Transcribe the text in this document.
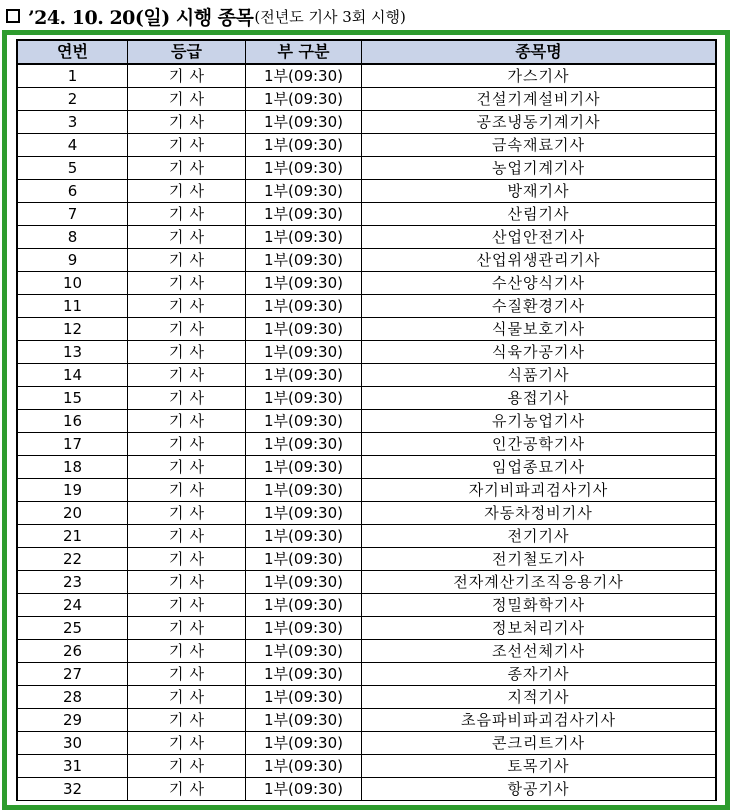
’24. 10. 20(일) 시행 종목 (전년도 기사 3회 시행)
연번	등급	부 구분	종목명
1	기사	1부(09:30)	가스기사
2	기사	1부(09:30)	건설기계설비기사
3	기사	1부(09:30)	공조냉동기계기사
4	기사	1부(09:30)	금속재료기사
5	기사	1부(09:30)	농업기계기사
6	기사	1부(09:30)	방재기사
7	기사	1부(09:30)	산림기사
8	기사	1부(09:30)	산업안전기사
9	기사	1부(09:30)	산업위생관리기사
10	기사	1부(09:30)	수산양식기사
11	기사	1부(09:30)	수질환경기사
12	기사	1부(09:30)	식물보호기사
13	기사	1부(09:30)	식육가공기사
14	기사	1부(09:30)	식품기사
15	기사	1부(09:30)	용접기사
16	기사	1부(09:30)	유기농업기사
17	기사	1부(09:30)	인간공학기사
18	기사	1부(09:30)	임업종묘기사
19	기사	1부(09:30)	자기비파괴검사기사
20	기사	1부(09:30)	자동차정비기사
21	기사	1부(09:30)	전기기사
22	기사	1부(09:30)	전기철도기사
23	기사	1부(09:30)	전자계산기조직응용기사
24	기사	1부(09:30)	정밀화학기사
25	기사	1부(09:30)	정보처리기사
26	기사	1부(09:30)	조선선체기사
27	기사	1부(09:30)	종자기사
28	기사	1부(09:30)	지적기사
29	기사	1부(09:30)	초음파비파괴검사기사
30	기사	1부(09:30)	콘크리트기사
31	기사	1부(09:30)	토목기사
32	기사	1부(09:30)	항공기사
